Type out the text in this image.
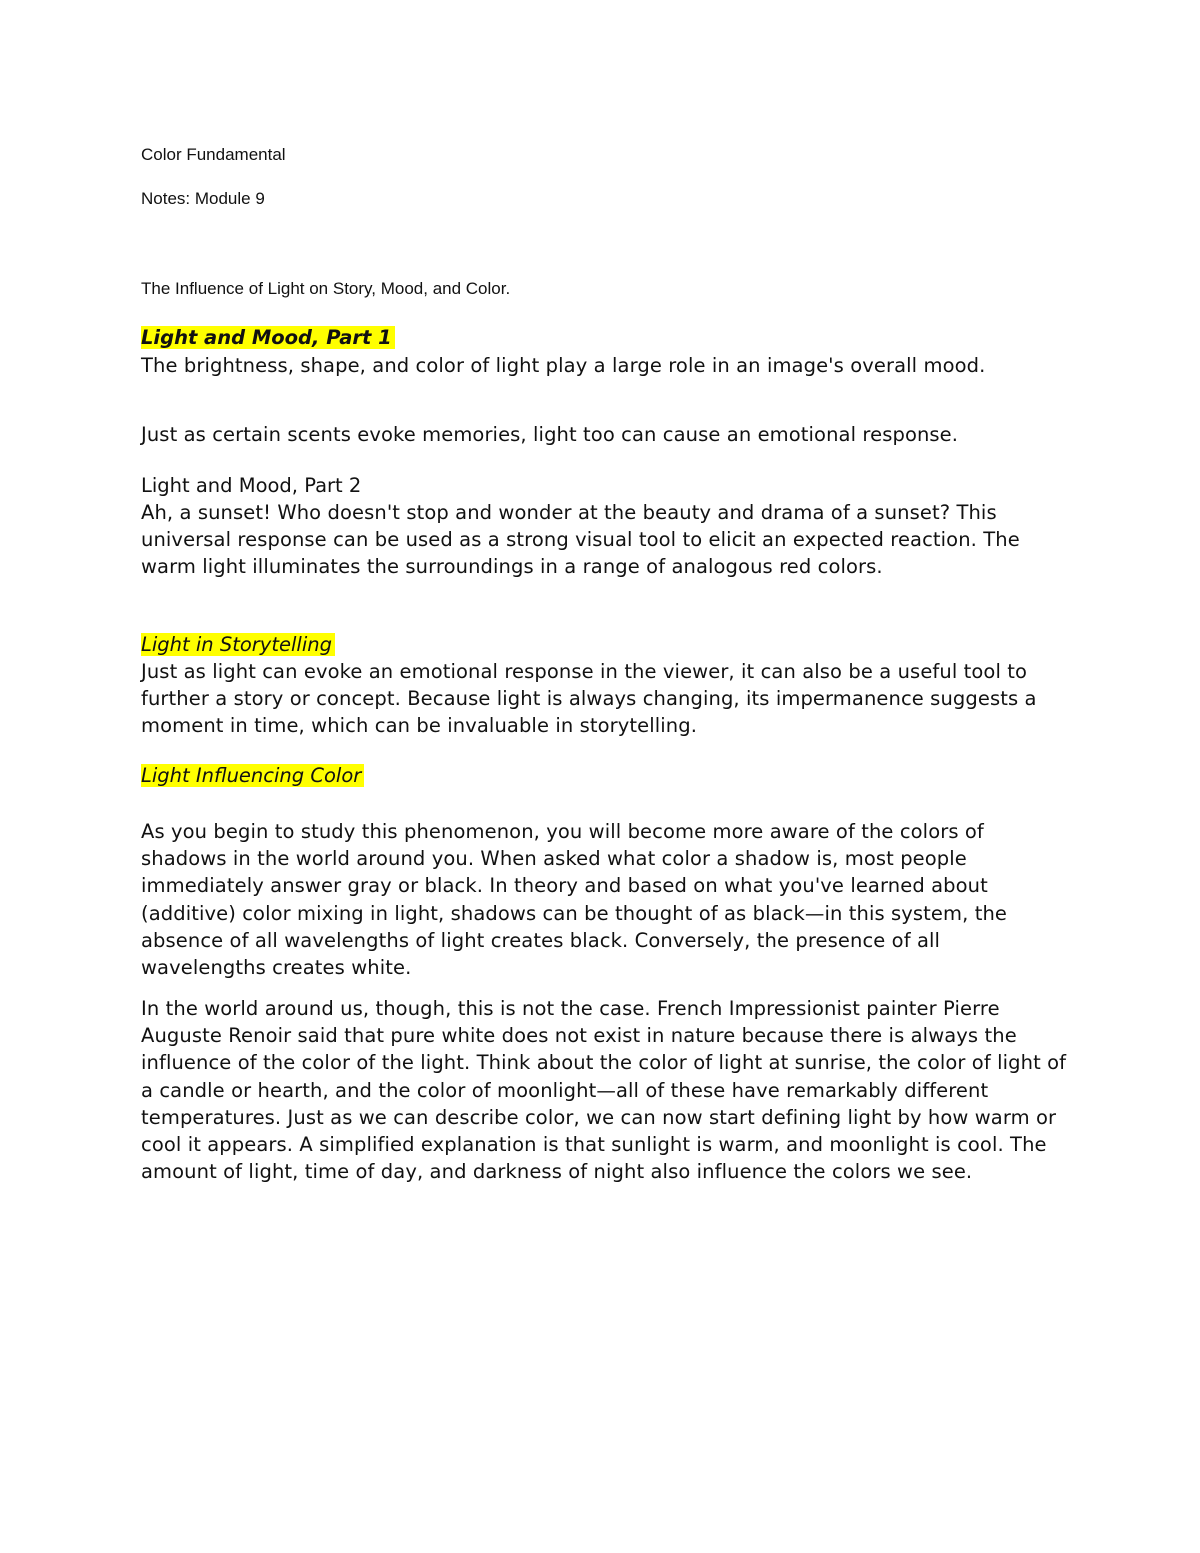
Color Fundamental

Notes: Module 9

The Influence of Light on Story, Mood, and Color.

Light and Mood, Part 1

The brightness, shape, and color of light play a large role in an image's overall mood.

Just as certain scents evoke memories, light too can cause an emotional response.

Light and Mood, Part 2

Ah, a sunset! Who doesn't stop and wonder at the beauty and drama of a sunset? This universal response can be used as a strong visual tool to elicit an expected reaction. The warm light illuminates the surroundings in a range of analogous red colors.

Light in Storytelling

Just as light can evoke an emotional response in the viewer, it can also be a useful tool to further a story or concept. Because light is always changing, its impermanence suggests a moment in time, which can be invaluable in storytelling.

Light Influencing Color

As you begin to study this phenomenon, you will become more aware of the colors of shadows in the world around you. When asked what color a shadow is, most people immediately answer gray or black. In theory and based on what you've learned about (additive) color mixing in light, shadows can be thought of as black—in this system, the absence of all wavelengths of light creates black. Conversely, the presence of all wavelengths creates white.

In the world around us, though, this is not the case. French Impressionist painter Pierre Auguste Renoir said that pure white does not exist in nature because there is always the influence of the color of the light. Think about the color of light at sunrise, the color of light of a candle or hearth, and the color of moonlight—all of these have remarkably different temperatures. Just as we can describe color, we can now start defining light by how warm or cool it appears. A simplified explanation is that sunlight is warm, and moonlight is cool. The amount of light, time of day, and darkness of night also influence the colors we see.
